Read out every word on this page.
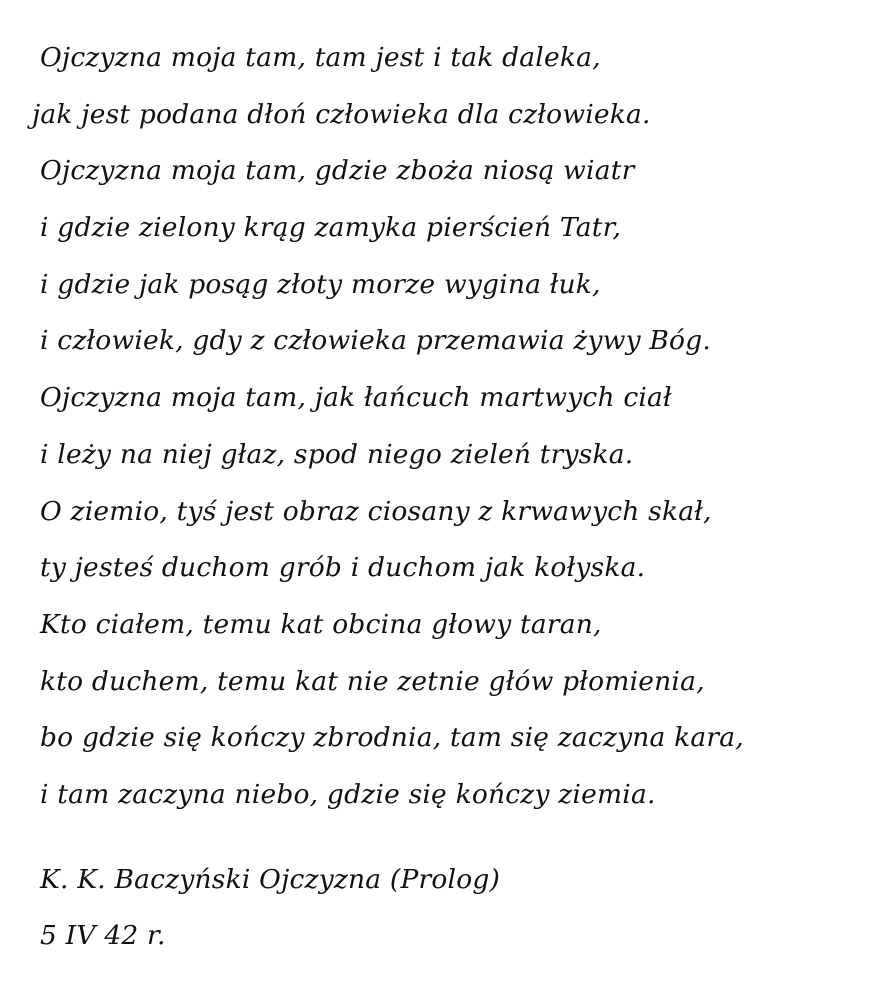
Ojczyzna moja tam, tam jest i tak daleka,
jak jest podana dłoń człowieka dla człowieka.
Ojczyzna moja tam, gdzie zboża niosą wiatr
i gdzie zielony krąg zamyka pierścień Tatr,
i gdzie jak posąg złoty morze wygina łuk,
i człowiek, gdy z człowieka przemawia żywy Bóg.
Ojczyzna moja tam, jak łańcuch martwych ciał
i leży na niej głaz, spod niego zieleń tryska.
O ziemio, tyś jest obraz ciosany z krwawych skał,
ty jesteś duchom grób i duchom jak kołyska.
Kto ciałem, temu kat obcina głowy taran,
kto duchem, temu kat nie zetnie głów płomienia,
bo gdzie się kończy zbrodnia, tam się zaczyna kara,
i tam zaczyna niebo, gdzie się kończy ziemia.
K. K. Baczyński Ojczyzna (Prolog)
5 IV 42 r.
